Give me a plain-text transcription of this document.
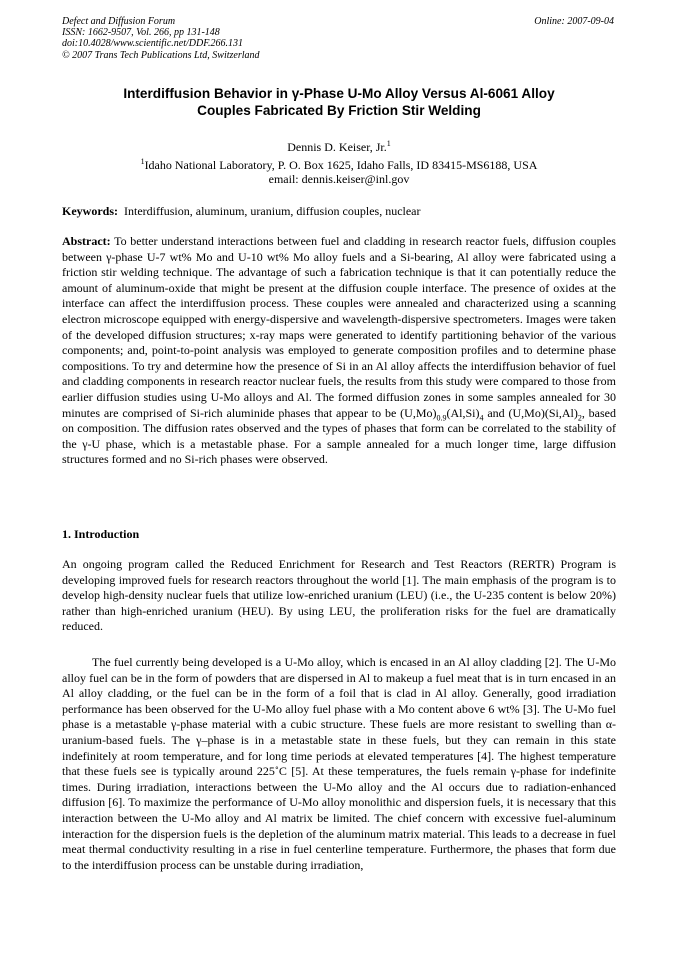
Defect and Diffusion Forum
ISSN: 1662-9507, Vol. 266, pp 131-148
doi:10.4028/www.scientific.net/DDF.266.131
© 2007 Trans Tech Publications Ltd, Switzerland
Online: 2007-09-04
Interdiffusion Behavior in γ-Phase U-Mo Alloy Versus Al-6061 Alloy
Couples Fabricated By Friction Stir Welding
Dennis D. Keiser, Jr.$^1$
$^1$Idaho National Laboratory, P. O. Box 1625, Idaho Falls, ID 83415-MS6188, USA
email: dennis.keiser@inl.gov
Keywords: Interdiffusion, aluminum, uranium, diffusion couples, nuclear

Abstract: To better understand interactions between fuel and cladding in research reactor fuels, diffusion couples between γ-phase U-7 wt% Mo and U-10 wt% Mo alloy fuels and a Si-bearing, Al alloy were fabricated using a friction stir welding technique. The advantage of such a fabrication technique is that it can potentially reduce the amount of aluminum-oxide that might be present at the diffusion couple interface. The presence of oxides at the interface can affect the interdiffusion process. These couples were annealed and characterized using a scanning electron microscope equipped with energy-dispersive and wavelength-dispersive spectrometers. Images were taken of the developed diffusion structures; x-ray maps were generated to identify partitioning behavior of the various components; and, point-to-point analysis was employed to generate composition profiles and to determine phase compositions. To try and determine how the presence of Si in an Al alloy affects the interdiffusion behavior of fuel and cladding components in research reactor nuclear fuels, the results from this study were compared to those from earlier diffusion studies using U-Mo alloys and Al. The formed diffusion zones in some samples annealed for 30 minutes are comprised of Si-rich aluminide phases that appear to be $(U,Mo)_{0.9}(Al,Si)_4$ and $(U,Mo)(Si,Al)_2$, based on composition. The diffusion rates observed and the types of phases that form can be correlated to the stability of the γ-U phase, which is a metastable phase. For a sample annealed for a much longer time, large diffusion structures formed and no Si-rich phases were observed.

1. Introduction

An ongoing program called the Reduced Enrichment for Research and Test Reactors (RERTR) Program is developing improved fuels for research reactors throughout the world [1]. The main emphasis of the program is to develop high-density nuclear fuels that utilize low-enriched uranium (LEU) (i.e., the U-235 content is below 20%) rather than high-enriched uranium (HEU). By using LEU, the proliferation risks for the fuel are dramatically reduced.

The fuel currently being developed is a U-Mo alloy, which is encased in an Al alloy cladding [2]. The U-Mo alloy fuel can be in the form of powders that are dispersed in Al to makeup a fuel meat that is in turn encased in an Al alloy cladding, or the fuel can be in the form of a foil that is clad in Al alloy. Generally, good irradiation performance has been observed for the U-Mo alloy fuel phase with a Mo content above 6 wt% [3]. The U-Mo fuel phase is a metastable γ-phase material with a cubic structure. These fuels are more resistant to swelling than α-uranium-based fuels. The γ–phase is in a metastable state in these fuels, but they can remain in this state indefinitely at room temperature, and for long time periods at elevated temperatures [4]. The highest temperature that these fuels see is typically around 225˚C [5]. At these temperatures, the fuels remain γ-phase for indefinite times. During irradiation, interactions between the U-Mo alloy and the Al occurs due to radiation-enhanced diffusion [6]. To maximize the performance of U-Mo alloy monolithic and dispersion fuels, it is necessary that this interaction between the U-Mo alloy and Al matrix be limited. The chief concern with excessive fuel-aluminum interaction for the dispersion fuels is the depletion of the aluminum matrix material. This leads to a decrease in fuel meat thermal conductivity resulting in a rise in fuel centerline temperature. Furthermore, the phases that form due to the interdiffusion process can be unstable during irradiation,
